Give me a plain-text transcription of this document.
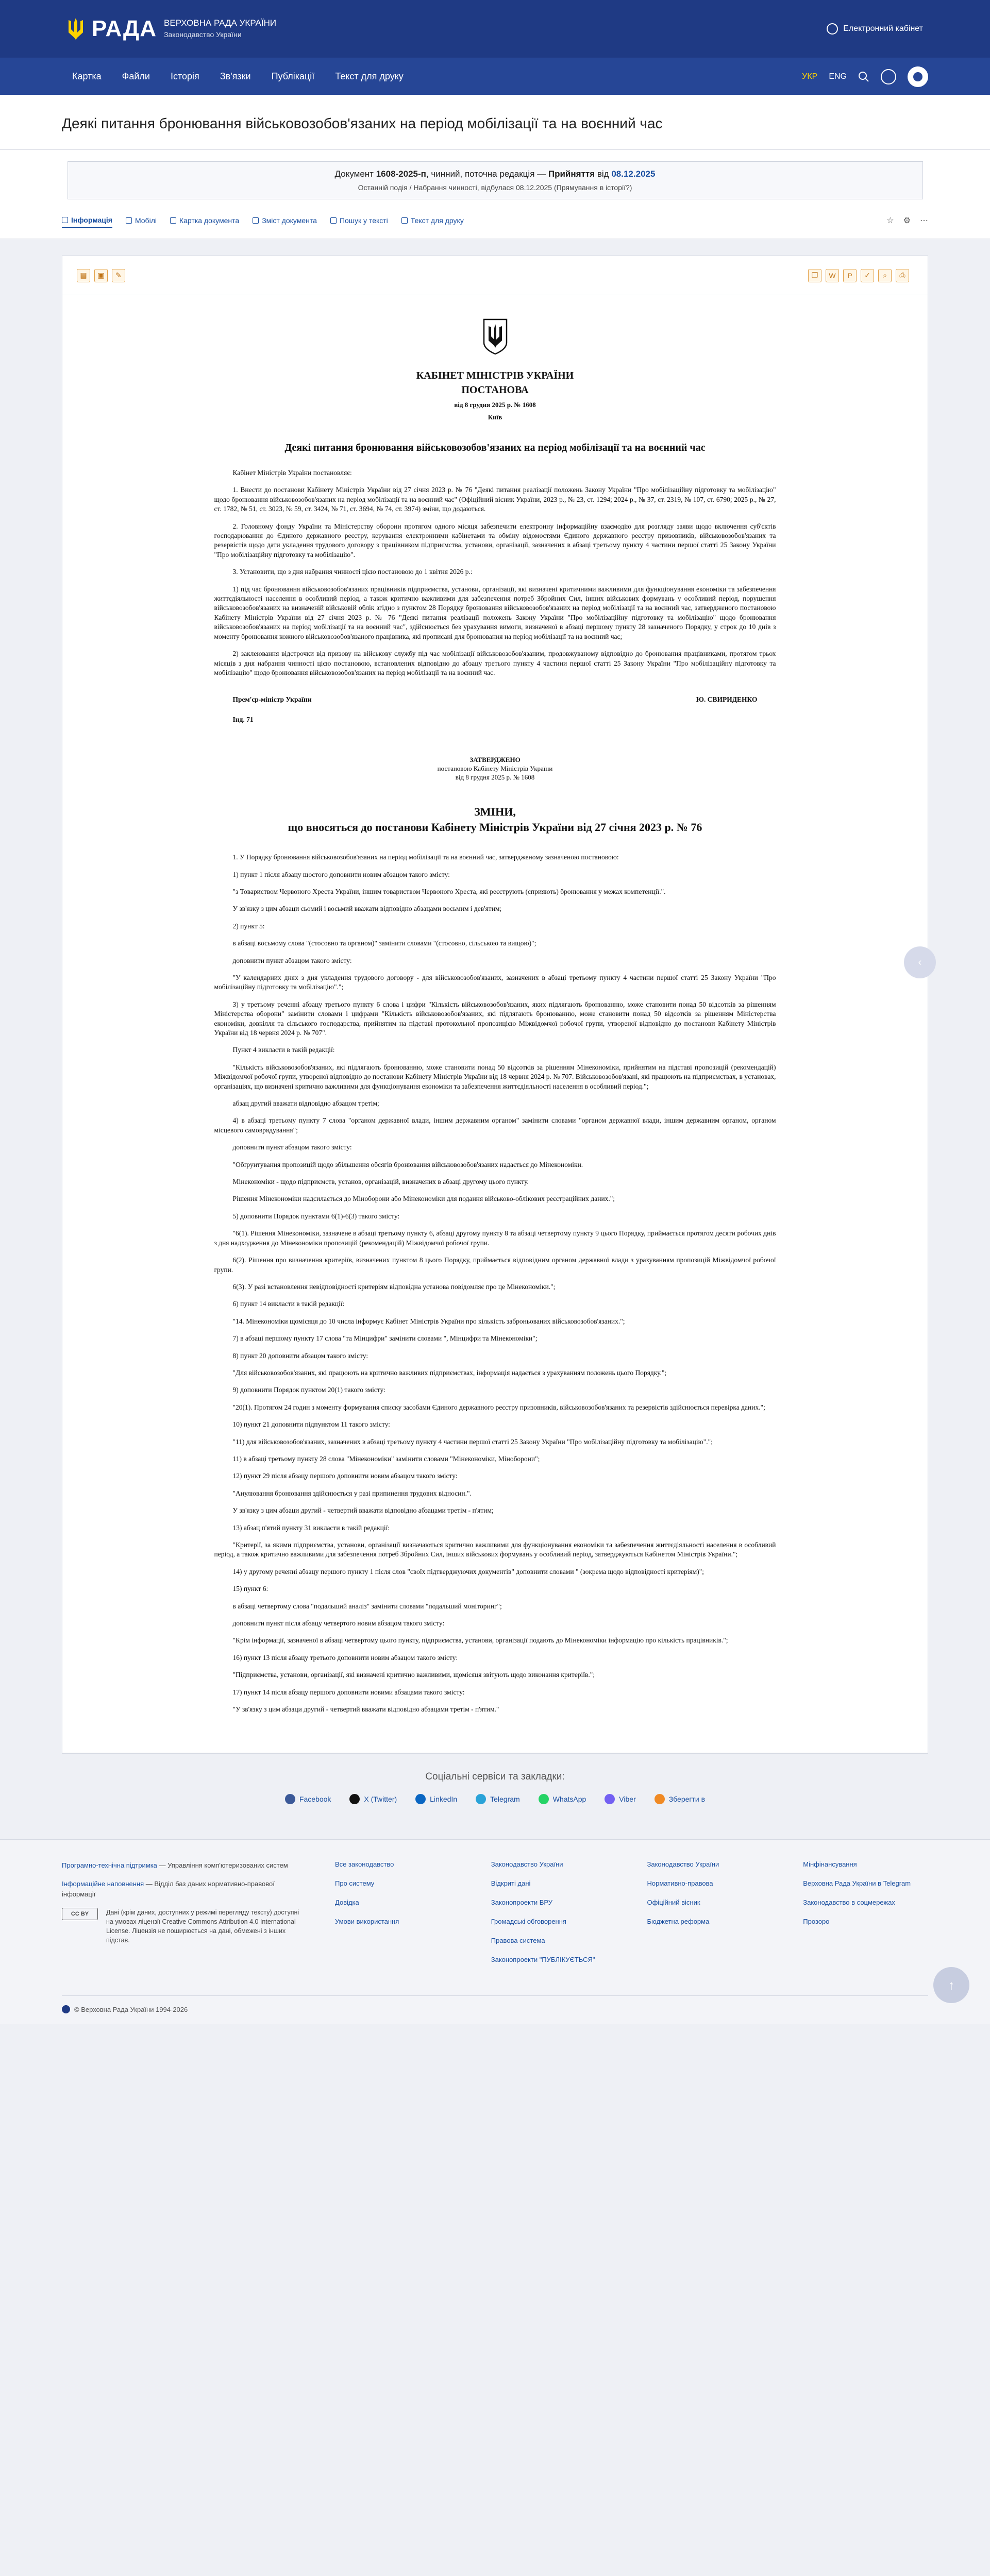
РАДА ВЕРХОВНА РАДА УКРАЇНИ
Законодавство України
Електронний кабінет
Картка	Файли	Історія	Зв'язки	Публікації	Текст для друку	УКР ENG
Деякі питання бронювання військовозобов'язаних на період мобілізації та на воєнний час
Документ 1608-2025-п, чинний, поточна редакція — Прийняття від 08.12.2025
Останній подія / Набрання чинності, відбулася 08.12.2025 (Прямування в історії?)
Інформація	Мобілі	Картка документа	Зміст документа	Пошук у тексті	Текст для друку	☆ ⚙ ⋯
▤	▣	✎	❐	W	P	✓	⌕	⎙
КАБІНЕТ МІНІСТРІВ УКРАЇНИ
ПОСТАНОВА
від 8 грудня 2025 р. № 1608
Київ
Деякі питання бронювання військовозобов'язаних на період мобілізації та на воєнний час

Кабінет Міністрів України постановляє:

1. Внести до постанови Кабінету Міністрів України від 27 січня 2023 р. № 76 "Деякі питання реалізації положень Закону України "Про мобілізаційну підготовку та мобілізацію" щодо бронювання військовозобов'язаних на період мобілізації та на воєнний час" (Офіційний вісник України, 2023 р., № 23, ст. 1294; 2024 р., № 37, ст. 2319, № 107, ст. 6790; 2025 р., № 27, ст. 1782, № 51, ст. 3023, № 59, ст. 3424, № 71, ст. 3694, № 74, ст. 3974) зміни, що додаються.

2. Головному фонду України та Міністерству оборони протягом одного місяця забезпечити електронну інформаційну взаємодію для розгляду заяви щодо включення суб'єктів господарювання до Єдиного державного реєстру, керування електронними кабінетами та обміну відомостями Єдиного державного реєстру призовників, військовозобов'язаних та резервістів щодо дати укладення трудового договору з працівником підприємства, установи, організації, зазначених в абзаці третьому пункту 4 частини першої статті 25 Закону України "Про мобілізаційну підготовку та мобілізацію".

3. Установити, що з дня набрання чинності цією постановою до 1 квітня 2026 р.:

1) під час бронювання військовозобов'язаних працівників підприємства, установи, організації, які визначені критичними важливими для функціонування економіки та забезпечення життєдіяльності населення в особливий період, а також критично важливими для забезпечення потреб Збройних Сил, інших військових формувань у особливий період, порушення військовозобов'язаних на визначеній військовій облік згідно з пунктом 28 Порядку бронювання військовозобов'язаних на період мобілізації та на воєнний час, затвердженого постановою Кабінету Міністрів України від 27 січня 2023 р. № 76 "Деякі питання реалізації положень Закону України "Про мобілізаційну підготовку та мобілізацію" щодо бронювання військовозобов'язаних на період мобілізації та на воєнний час", здійснюється без урахування вимоги, визначеної в абзаці першому пункту 28 зазначеного Порядку, у строк до 10 днів з моменту бронювання кожного військовозобов'язаного працівника, які прописані для бронювання на період мобілізації та на воєнний час;

2) заклеювання відстрочки від призову на військову службу під час мобілізації військовозобов'язаним, продовжуваному відповідно до бронювання працівниками, протягом трьох місяців з дня набрання чинності цією постановою, встановлених відповідно до абзацу третього пункту 4 частини першої статті 25 Закону України "Про мобілізаційну підготовку та мобілізацію" щодо бронювання військовозобов'язаних на період мобілізації та на воєнний час.

Прем'єр-міністр України	Ю. СВИРИДЕНКО
Інд. 71
ЗАТВЕРДЖЕНО
постановою Кабінету Міністрів України
від 8 грудня 2025 р. № 1608
ЗМІНИ,
що вносяться до постанови Кабінету Міністрів України від 27 січня 2023 р. № 76

1. У Порядку бронювання військовозобов'язаних на період мобілізації та на воєнний час, затвердженому зазначеною постановою:

1) пункт 1 після абзацу шостого доповнити новим абзацом такого змісту:

"з Товариством Червоного Хреста України, іншим товариством Червоного Хреста, які реєструють (сприяють) бронювання у межах компетенції.".

У зв'язку з цим абзаци сьомий і восьмий вважати відповідно абзацами восьмим і дев'ятим;

2) пункт 5:

в абзаці восьмому слова "(стосовно та органом)" замінити словами "(стосовно, сільською та вищою)";

доповнити пункт абзацом такого змісту:

"У календарних днях з дня укладення трудового договору - для військовозобов'язаних, зазначених в абзаці третьому пункту 4 частини першої статті 25 Закону України "Про мобілізаційну підготовку та мобілізацію".";

3) у третьому реченні абзацу третього пункту 6 слова і цифри "Кількість військовозобов'язаних, яких підлягають бронюванню, може становити понад 50 відсотків за рішенням Міністерства оборони" замінити словами і цифрами "Кількість військовозобов'язаних, які підлягають бронюванню, може становити понад 50 відсотків за рішенням Міністерства економіки, довкілля та сільського господарства, прийнятим на підставі протокольної пропозицією Міжвідомчої робочої групи, утвореної відповідно до постанови Кабінету Міністрів України від 18 червня 2024 р. № 707".

Пункт 4 викласти в такій редакції:

"Кількість військовозобов'язаних, які підлягають бронюванню, може становити понад 50 відсотків за рішенням Мінекономіки, прийнятим на підставі пропозицій (рекомендацій) Міжвідомчої робочої групи, утвореної відповідно до постанови Кабінету Міністрів України від 18 червня 2024 р. № 707. Військовозобов'язані, які працюють на підприємствах, в установах, організаціях, що визначені критично важливими для функціонування економіки та забезпечення життєдіяльності населення в особливий період.";

абзац другий вважати відповідно абзацом третім;

4) в абзаці третьому пункту 7 слова "органом державної влади, іншим державним органом" замінити словами "органом державної влади, іншим державним органом, органом місцевого самоврядування";

доповнити пункт абзацом такого змісту:

"Обґрунтування пропозицій щодо збільшення обсягів бронювання військовозобов'язаних надається до Мінекономіки.

Мінекономіки - щодо підприємств, установ, організацій, визначених в абзаці другому цього пункту.

Рішення Мінекономіки надсилається до Міноборони або Мінекономіки для подання військово-облікових реєстраційних даних.";

5) доповнити Порядок пунктами 6(1)-6(3) такого змісту:

"6(1). Рішення Мінекономіки, зазначене в абзаці третьому пункту 6, абзаці другому пункту 8 та абзаці четвертому пункту 9 цього Порядку, приймається протягом десяти робочих днів з дня надходження до Мінекономіки пропозицій (рекомендацій) Міжвідомчої робочої групи.

6(2). Рішення про визначення критеріїв, визначених пунктом 8 цього Порядку, приймається відповідним органом державної влади з урахуванням пропозицій Міжвідомчої робочої групи.

6(3). У разі встановлення невідповідності критеріям відповідна установа повідомляє про це Мінекономіки.";

6) пункт 14 викласти в такій редакції:

"14. Мінекономіки щомісяця до 10 числа інформує Кабінет Міністрів України про кількість заброньованих військовозобов'язаних.";

7) в абзаці першому пункту 17 слова "та Мінцифри" замінити словами ", Мінцифри та Мінекономіки";

8) пункт 20 доповнити абзацом такого змісту:

"Для військовозобов'язаних, які працюють на критично важливих підприємствах, інформація надається з урахуванням положень цього Порядку.";

9) доповнити Порядок пунктом 20(1) такого змісту:

"20(1). Протягом 24 годин з моменту формування списку засобами Єдиного державного реєстру призовників, військовозобов'язаних та резервістів здійснюється перевірка даних.";

10) пункт 21 доповнити підпунктом 11 такого змісту:

"11) для військовозобов'язаних, зазначених в абзаці третьому пункту 4 частини першої статті 25 Закону України "Про мобілізаційну підготовку та мобілізацію".";

11) в абзаці третьому пункту 28 слова "Мінекономіки" замінити словами "Мінекономіки, Міноборони";

12) пункт 29 після абзацу першого доповнити новим абзацом такого змісту:

"Анулювання бронювання здійснюється у разі припинення трудових відносин.".

У зв'язку з цим абзаци другий - четвертий вважати відповідно абзацами третім - п'ятим;

13) абзац п'ятий пункту 31 викласти в такій редакції:

"Критерії, за якими підприємства, установи, організації визначаються критично важливими для функціонування економіки та забезпечення життєдіяльності населення в особливий період, а також критично важливими для забезпечення потреб Збройних Сил, інших військових формувань у особливий період, затверджуються Кабінетом Міністрів України.";

14) у другому реченні абзацу першого пункту 1 після слов "своїх підтверджуючих документів" доповнити словами " (зокрема щодо відповідності критеріям)";

15) пункт 6:

в абзаці четвертому слова "подальший аналіз" замінити словами "подальший моніторинг";

доповнити пункт після абзацу четвертого новим абзацом такого змісту:

"Крім інформації, зазначеної в абзаці четвертому цього пункту, підприємства, установи, організації подають до Мінекономіки інформацію про кількість працівників.";

16) пункт 13 після абзацу третього доповнити новим абзацом такого змісту:

"Підприємства, установи, організації, які визначені критично важливими, щомісяця звітують щодо виконання критеріїв.";

17) пункт 14 після абзацу першого доповнити новими абзацами такого змісту:

"У зв'язку з цим абзаци другий - четвертий вважати відповідно абзацами третім - п'ятим."

‹
Соціальні сервіси та закладки:
Facebook	X (Twitter)	LinkedIn	Telegram	WhatsApp	Viber	Зберегти в
Програмно-технічна підтримка — Управління комп'ютеризованих систем
Інформаційне наповнення — Відділ баз даних нормативно-правової інформації
CC BY	Дані (крім даних, доступних у режимі перегляду тексту) доступні на умовах ліцензії Creative Commons Attribution 4.0 International License. Ліцензія не поширюється на дані, обмежені з інших підстав.
Все законодавство
Про систему
Довідка
Умови використання
Законодавство України
Відкриті дані
Законопроекти ВРУ
Громадські обговорення
Правова система
Законопроекти "ПУБЛІКУЄТЬСЯ"
Законодавство України
Нормативно-правова
Офіційний вісник
Бюджетна реформа
Мінфінансування
Верховна Рада України в Telegram
Законодавство в соцмережах
Прозоро
© Верховна Рада України 1994-2026
↑
